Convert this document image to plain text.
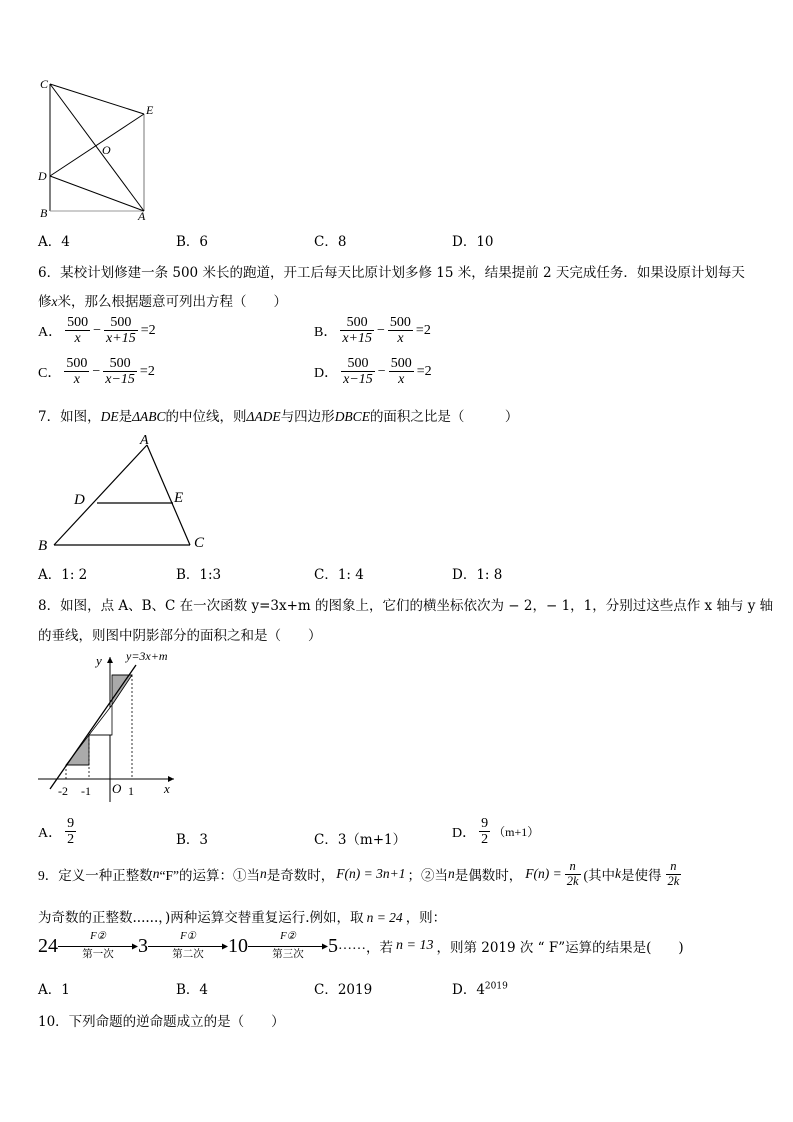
C
E
O
D
B	A
A．4	B．6	C．8	D．10
6．某校计划修建一条 500 米长的跑道，开工后每天比原计划多修 15 米，结果提前 2 天完成任务．如果设原计划每天
修x米，那么根据题意可列出方程（　　）
A． $\frac{500}{x} - \frac{500}{x+15} =2$	B． $\frac{500}{x+15} - \frac{500}{x} =2$
C． $\frac{500}{x} - \frac{500}{x-15} =2$	D． $\frac{500}{x-15} - \frac{500}{x} =2$
7．如图，DE是ΔABC的中位线，则ΔADE与四边形DBCE的面积之比是（　　　）
A
D	E
B	C
A．1: 2	B．1:3	C．1: 4	D．1: 8
8．如图，点 A、B、C 在一次函数 y=3x+m 的图象上，它们的横坐标依次为 − 2，− 1，1，分别过这些点作 x 轴与 y 轴
的垂线，则图中阴影部分的面积之和是（　　）
y y=3x+m
x
O
-2 -1	1
A． $\frac{9}{2}$	B．3	C．3（m+1）	D． $\frac{9}{2} (m+1)$
9．定义一种正整数 n “F”的运算：①当 n 是奇数时， F(n) = 3n+1 ；②当 n 是偶数时， $F(n) = \frac{n}{2k}$ (其中 k 是使得 $\frac{n}{2k}$
为奇数的正整数......，)两种运算交替重复运行.例如，取 n = 24 ，则：
24	F②
第一次 3	F①
第二次 10	F②
第三次 5 …… ，若 n = 13 ，则第 2019 次 “ F”运算的结果是(　　)
A．1	B．4	C．2019	D．$4^{2019}$
10．下列命题的逆命题成立的是（　　）
